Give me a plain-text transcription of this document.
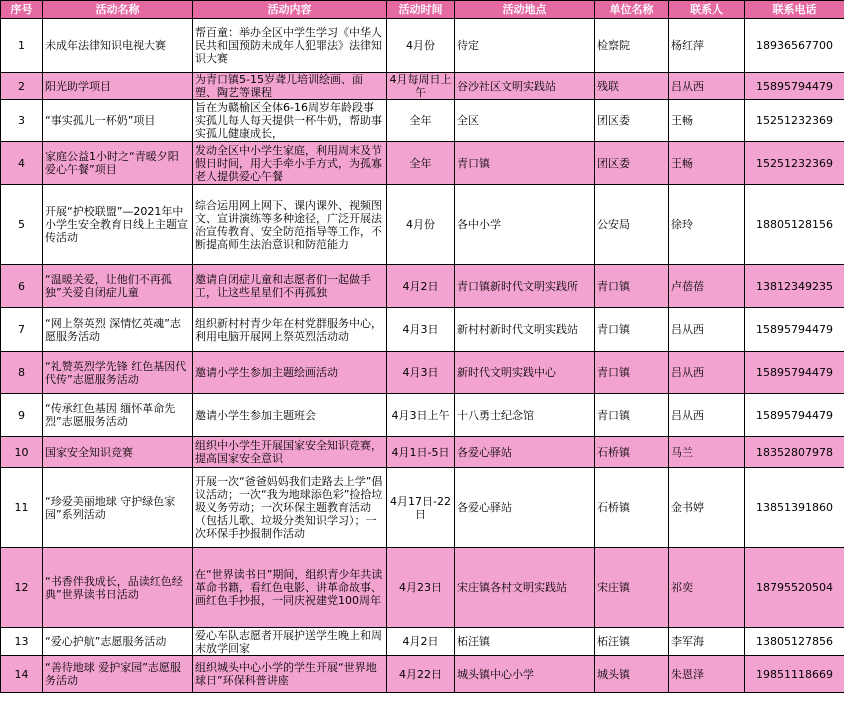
序号	活动名称	活动内容	活动时间	活动地点	单位名称	联系人	联系电话
1	未成年法律知识电视大赛	帮百童：举办全区中学生学习《中华人民共和国预防未成年人犯罪法》法律知识大赛	4月份	待定	检察院	杨红萍	18936567700
2	阳光助学项目	为青口镇5-15岁聋儿培训绘画、面塑、陶艺等课程	4月每周日上午	谷沙社区文明实践站	残联	吕从西	15895794479
3	“事实孤儿一杯奶”项目	旨在为赣榆区全体6-16周岁年龄段事实孤儿每人每天提供一杯牛奶，帮助事实孤儿健康成长，	全年	全区	团区委	王畅	15251232369
4	家庭公益1小时之“青暖夕阳 爱心午餐”项目	发动全区中小学生家庭，利用周末及节假日时间，用大手牵小手方式，为孤寡老人提供爱心午餐	全年	青口镇	团区委	王畅	15251232369
5	开展“护校联盟”—2021年中小学生安全教育日线上主题宣传活动	综合运用网上网下、课内课外、视频图文、宣讲演练等多种途径，广泛开展法治宣传教育、安全防范指导等工作，不断提高师生法治意识和防范能力	4月份	各中小学	公安局	徐玲	18805128156
6	“温暖关爱，让他们不再孤独”关爱自闭症儿童	邀请自闭症儿童和志愿者们一起做手工，让这些星星们不再孤独	4月2日	青口镇新时代文明实践所	青口镇	卢蓓蓓	13812349235
7	“网上祭英烈 深情忆英魂”志愿服务活动	组织新村村青少年在村党群服务中心，利用电脑开展网上祭英烈活动动	4月3日	新村村新时代文明实践站	青口镇	吕从西	15895794479
8	“礼赞英烈学先锋 红色基因代代传”志愿服务活动	邀请小学生参加主题绘画活动	4月3日	新时代文明实践中心	青口镇	吕从西	15895794479
9	“传承红色基因 缅怀革命先烈”志愿服务活动	邀请小学生参加主题班会	4月3日上午	十八勇士纪念馆	青口镇	吕从西	15895794479
10	国家安全知识竞赛	组织中小学生开展国家安全知识竞赛，提高国家安全意识	4月1日-5日	各爱心驿站	石桥镇	马兰	18352807978
11	“珍爱美丽地球 守护绿色家园”系列活动	开展一次“爸爸妈妈我们走路去上学”倡议活动；一次“我为地球添色彩”捡拾垃圾义务劳动；一次环保主题教育活动（包括儿歌、垃圾分类知识学习）；一次环保手抄报制作活动	4月17日-22日	各爱心驿站	石桥镇	金书婷	13851391860
12	“书香伴我成长，品读红色经典”世界读书日活动	在“世界读书日”期间，组织青少年共读革命书籍，看红色电影、讲革命故事、画红色手抄报，一同庆祝建党100周年	4月23日	宋庄镇各村文明实践站	宋庄镇	祁奕	18795520504
13	“爱心护航”志愿服务活动	爱心车队志愿者开展护送学生晚上和周末放学回家	4月2日	柘汪镇	柘汪镇	李军海	13805127856
14	“善待地球 爱护家园”志愿服务活动	组织城头中心小学的学生开展“世界地球日”环保科普讲座	4月22日	城头镇中心小学	城头镇	朱恩泽	19851118669
